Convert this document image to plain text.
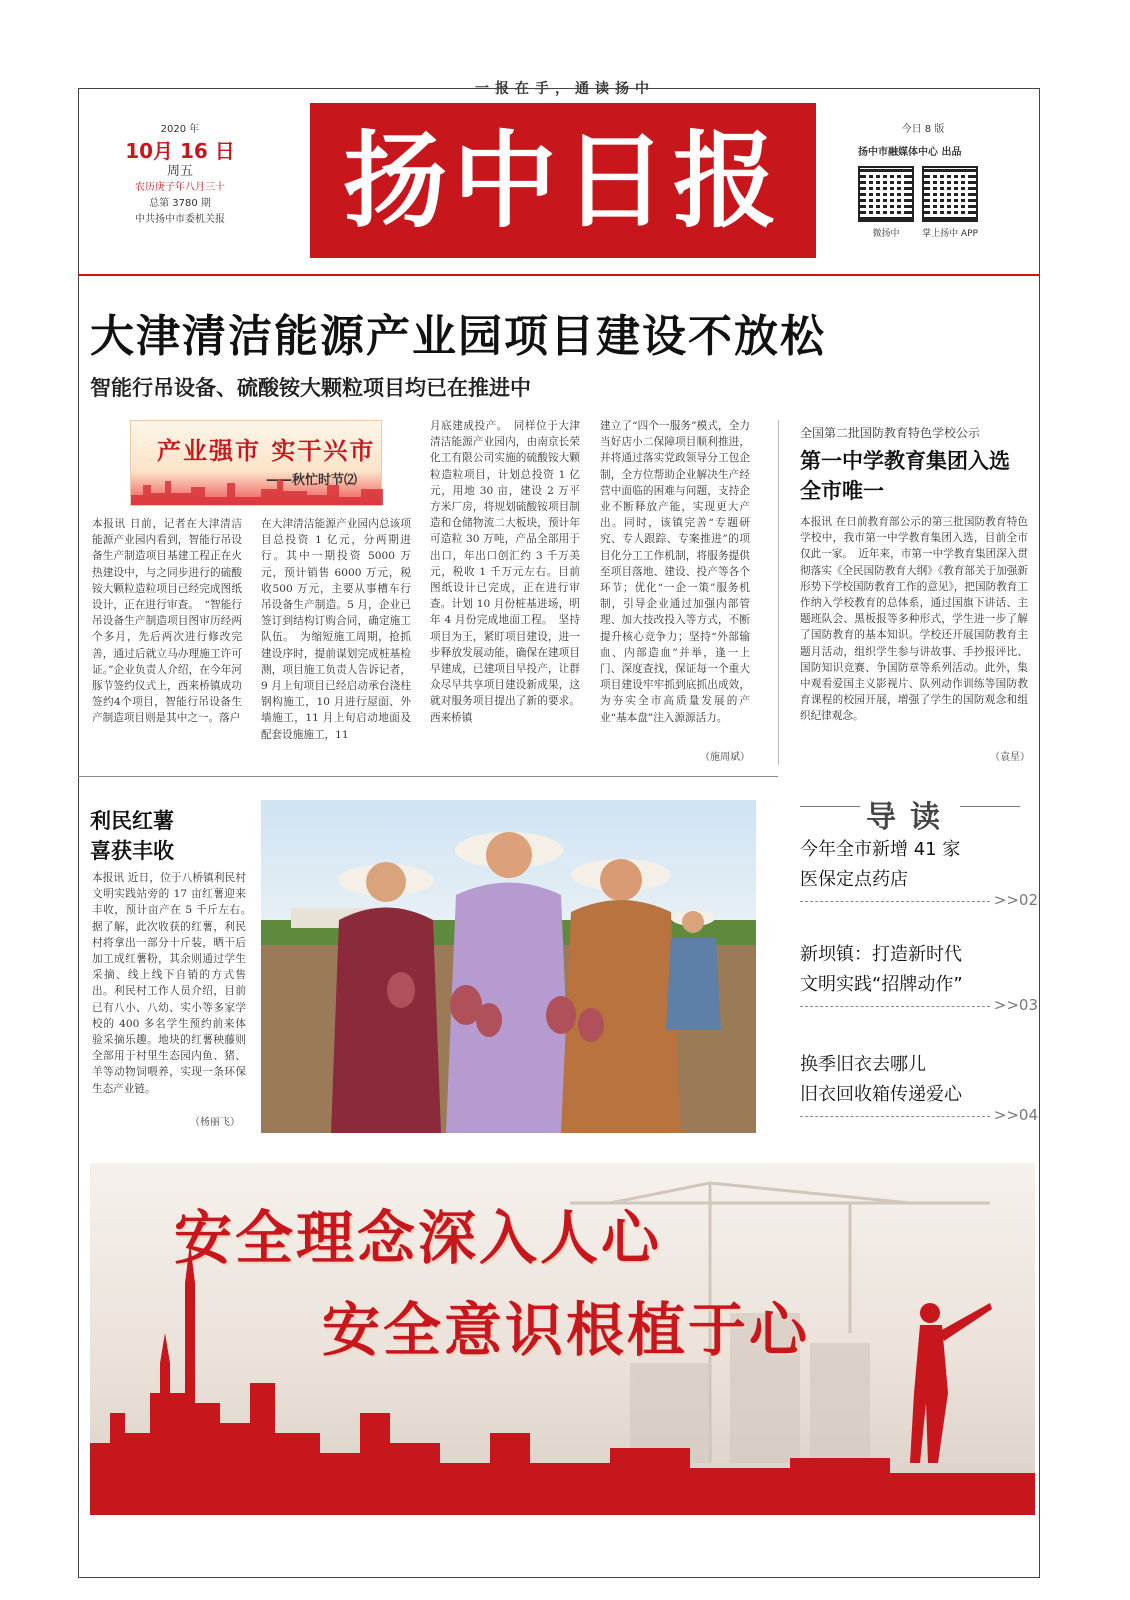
一报在手，通读扬中
2020 年
10月 16 日
周五
农历庚子年八月三十
总第 3780 期
中共扬中市委机关报	扬中日报	今日 8 版
扬中市融媒体中心 出品
微扬中	掌上扬中 APP
大津清洁能源产业园项目建设不放松
智能行吊设备、硫酸铵大颗粒项目均已在推进中
产业强市 实干兴市
——秋忙时节⑵
本报讯 日前，记者在大津清洁能源产业园内看到，智能行吊设备生产制造项目基建工程正在火热建设中，与之同步进行的硫酸铵大颗粒造粒项目已经完成图纸设计，正在进行审查。　“智能行吊设备生产制造项目图审历经两个多月，先后两次进行修改完善，通过后就立马办理施工许可证。”企业负责人介绍，在今年河豚节签约仪式上，西来桥镇成功签约4个项目，智能行吊设备生产制造项目则是其中之一。落户
在大津清洁能源产业园内总该项目总投资 1 亿元，分两期进行。其中一期投资 5000 万元，预计销售 6000 万元，税收500 万元，主要从事槽车行吊设备生产制造。5 月，企业已签订到结构订购合同，确定施工队伍。　为缩短施工周期，抢抓建设序时，提前谋划完成桩基检测，项目施工负责人告诉记者，9 月上旬项目已经启动承台浇柱钢构施工，10 月进行屋面、外墙施工，11 月上旬启动地面及配套设施施工，11
月底建成投产。　同样位于大津清洁能源产业园内，由南京长荣化工有限公司实施的硫酸铵大颗粒造粒项目，计划总投资 1 亿元，用地 30 亩，建设 2 万平方米厂房，将规划硫酸铵项目制造和仓储物流二大板块，预计年可造粒 30 万吨，产品全部用于出口，年出口创汇约 3 千万美元，税收 1 千万元左右。目前图纸设计已完成，正在进行审查。计划 10 月份桩基进场，明年 4 月份完成地面工程。　坚持项目为王，紧盯项目建设，进一步释放发展动能，确保在建项目早建成，已建项目早投产，让群众尽早共享项目建设新成果，这就对服务项目提出了新的要求。西来桥镇
建立了“四个一服务”模式，全力当好店小二保障项目顺利推进，并将通过落实党政领导分工包企制，全方位帮助企业解决生产经营中面临的困难与问题，支持企业不断释放产能，实现更大产出。同时，该镇完善“专题研究、专人跟踪、专案推进”的项目化分工工作机制，将服务提供至项目落地、建设、投产等各个环节；优化“一企一策”服务机制，引导企业通过加强内部管理、加大技改投入等方式，不断提升核心竞争力；坚持“外部输血、内部造血”并举，逢一上门、深度查找，保证每一个重大项目建设牢牢抓到底抓出成效，为夯实全市高质量发展的产业“基本盘”注入源源活力。
（施周斌）
全国第二批国防教育特色学校公示
第一中学教育集团入选全市唯一
本报讯 在日前教育部公示的第三批国防教育特色学校中，我市第一中学教育集团入选，目前全市仅此一家。　近年来，市第一中学教育集团深入贯彻落实《全民国防教育大纲》《教育部关于加强新形势下学校国防教育工作的意见》，把国防教育工作纳入学校教育的总体系，通过国旗下讲话、主题班队会、黑板报等多种形式，学生进一步了解了国防教育的基本知识。学校还开展国防教育主题月活动，组织学生参与讲故事、手抄报评比、国防知识竞赛、争国防章等系列活动。此外，集中观看爱国主义影视片、队列动作训练等国防教育课程的校园开展，增强了学生的国防观念和组织纪律观念。
（袁星）
利民红薯
喜获丰收
本报讯 近日，位于八桥镇利民村文明实践站旁的 17 亩红薯迎来丰收，预计亩产在 5 千斤左右。　据了解，此次收获的红薯，利民村将拿出一部分十斤装，晒干后加工成红薯粉，其余则通过学生采摘、线上线下自销的方式售出。利民村工作人员介绍，目前已有八小、八幼、实小等多家学校的 400 多名学生预约前来体验采摘乐趣。地块的红薯秧藤则全部用于村里生态园内鱼、猪、羊等动物饲喂养，实现一条环保生态产业链。
（杨丽飞）
导读
今年全市新增 41 家
医保定点药店
>>02
新坝镇：打造新时代
文明实践“招牌动作”
>>03
换季旧衣去哪儿
旧衣回收箱传递爱心
>>04
安全理念深入人心
安全意识根植于心
